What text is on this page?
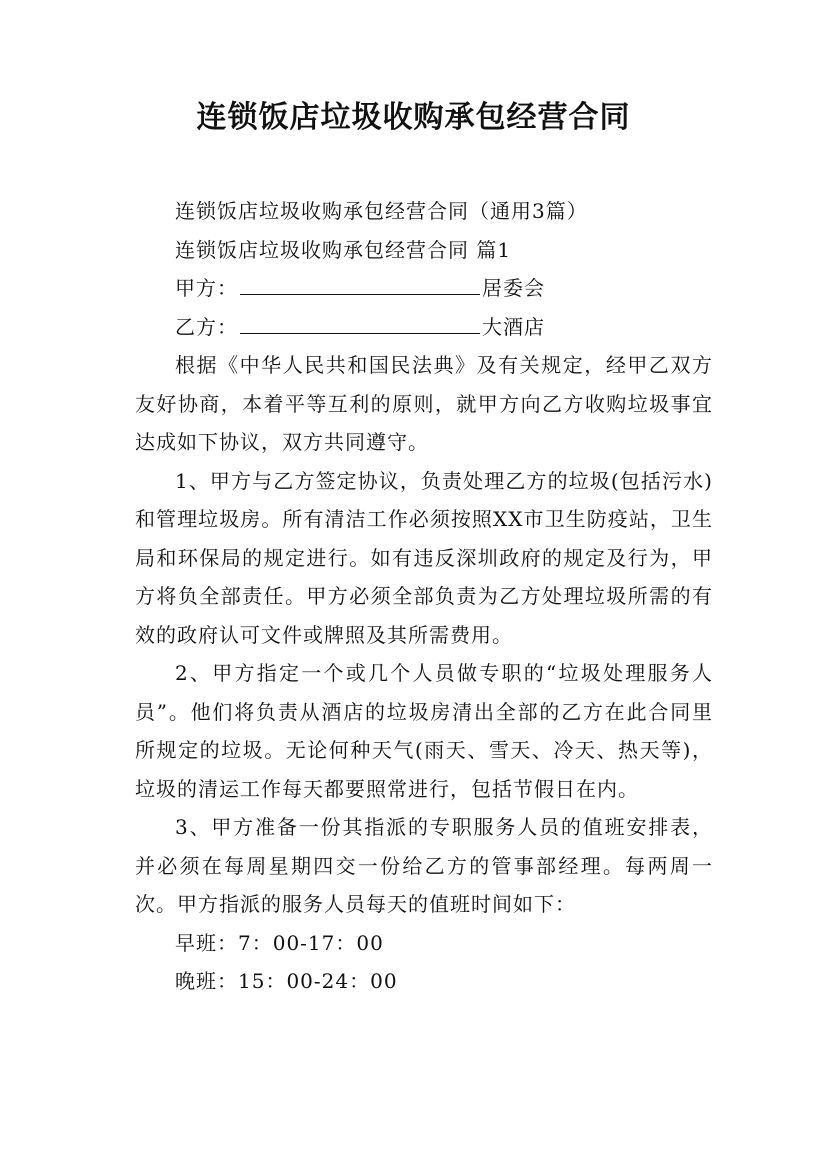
连锁饭店垃圾收购承包经营合同

连锁饭店垃圾收购承包经营合同（通用3篇）

连锁饭店垃圾收购承包经营合同 篇1

甲方：	居委会

乙方：	大酒店

根据《中华人民共和国民法典》及有关规定，经甲乙双方友好协商，本着平等互利的原则，就甲方向乙方收购垃圾事宜达成如下协议，双方共同遵守。

1、甲方与乙方签定协议，负责处理乙方的垃圾(包括污水)和管理垃圾房。所有清洁工作必须按照XX市卫生防疫站，卫生局和环保局的规定进行。如有违反深圳政府的规定及行为，甲方将负全部责任。甲方必须全部负责为乙方处理垃圾所需的有效的政府认可文件或牌照及其所需费用。

2、甲方指定一个或几个人员做专职的“垃圾处理服务人员”。他们将负责从酒店的垃圾房清出全部的乙方在此合同里所规定的垃圾。无论何种天气(雨天、雪天、冷天、热天等)，垃圾的清运工作每天都要照常进行，包括节假日在内。

3、甲方准备一份其指派的专职服务人员的值班安排表，并必须在每周星期四交一份给乙方的管事部经理。每两周一次。甲方指派的服务人员每天的值班时间如下：

早班：7：00-17：00

晚班：15：00-24：00
